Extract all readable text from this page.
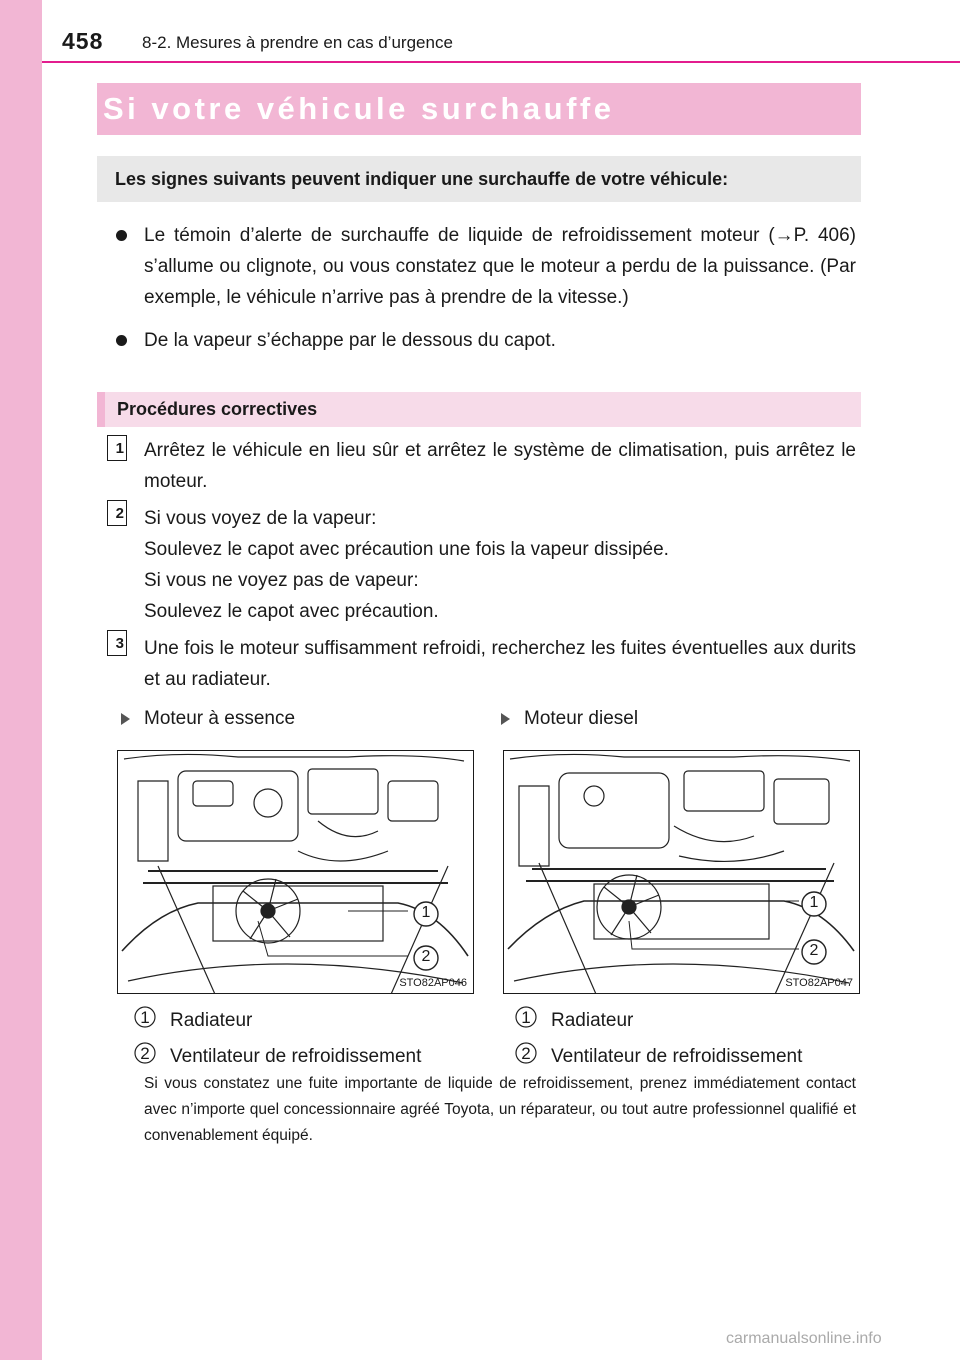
458 8-2. Mesures à prendre en cas d’urgence
Si votre véhicule surchauffe
Les signes suivants peuvent indiquer une surchauffe de votre véhicule:
Le témoin d’alerte de surchauffe de liquide de refroidissement moteur (→P. 406) s’allume ou clignote, ou vous constatez que le moteur a perdu de la puissance. (Par exemple, le véhicule n’arrive pas à prendre de la vitesse.)
De la vapeur s’échappe par le dessous du capot.
Procédures correctives
1 Arrêtez le véhicule en lieu sûr et arrêtez le système de climatisation, puis arrêtez le moteur.
2 Si vous voyez de la vapeur:
Soulevez le capot avec précaution une fois la vapeur dissipée.
Si vous ne voyez pas de vapeur:
Soulevez le capot avec précaution.
3 Une fois le moteur suffisamment refroidi, recherchez les fuites éventuelles aux durits et au radiateur.
Moteur à essence	Moteur diesel
1
2
STO82AP046
1
2
STO82AP047
1	Radiateur
2	Ventilateur de refroidissement
1	Radiateur
2	Ventilateur de refroidissement
Si vous constatez une fuite importante de liquide de refroidissement, prenez immédiatement contact avec n’importe quel concessionnaire agréé Toyota, un réparateur, ou tout autre professionnel qualifié et convenablement équipé.
carmanualsonline.info
